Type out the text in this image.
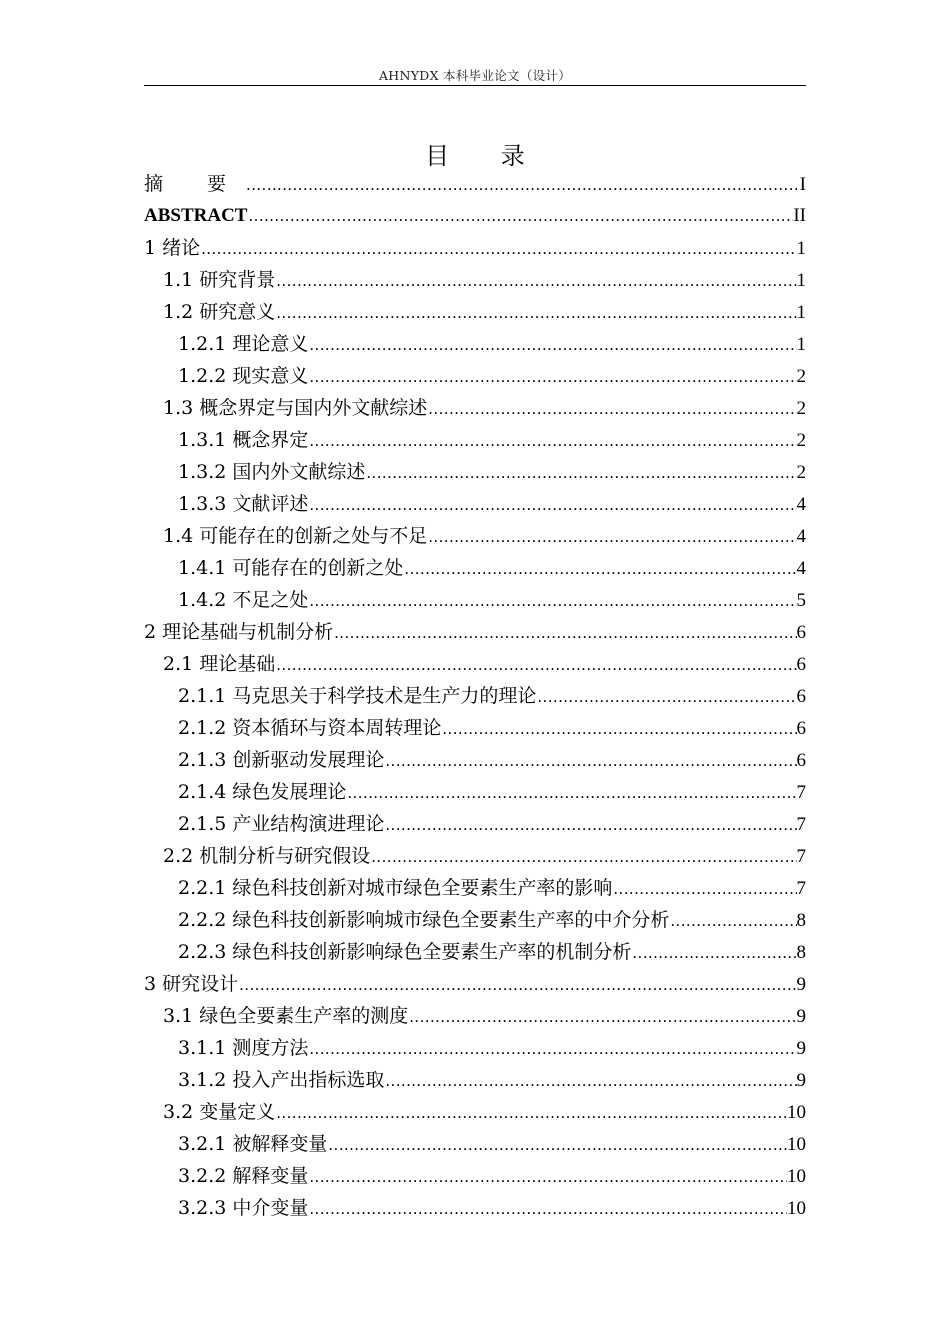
AHNYDX 本科毕业论文（设计）
目 录
摘 要 .....	I
ABSTRACT .....	II
1 绪论 .....	1
1.1 研究背景 .....	1
1.2 研究意义 .....	1
1.2.1 理论意义 .....	1
1.2.2 现实意义 .....	2
1.3 概念界定与国内外文献综述 .....	2
1.3.1 概念界定 .....	2
1.3.2 国内外文献综述 .....	2
1.3.3 文献评述 .....	4
1.4 可能存在的创新之处与不足 .....	4
1.4.1 可能存在的创新之处 .....	4
1.4.2 不足之处 .....	5
2 理论基础与机制分析 .....	6
2.1 理论基础 .....	6
2.1.1 马克思关于科学技术是生产力的理论 .....	6
2.1.2 资本循环与资本周转理论 .....	6
2.1.3 创新驱动发展理论 .....	6
2.1.4 绿色发展理论 .....	7
2.1.5 产业结构演进理论 .....	7
2.2 机制分析与研究假设 .....	7
2.2.1 绿色科技创新对城市绿色全要素生产率的影响 .....	7
2.2.2 绿色科技创新影响城市绿色全要素生产率的中介分析 .....	8
2.2.3 绿色科技创新影响绿色全要素生产率的机制分析 .....	8
3 研究设计 .....	9
3.1 绿色全要素生产率的测度 .....	9
3.1.1 测度方法 .....	9
3.1.2 投入产出指标选取 .....	9
3.2 变量定义 .....	10
3.2.1 被解释变量 .....	10
3.2.2 解释变量 .....	10
3.2.3 中介变量 .....	10
